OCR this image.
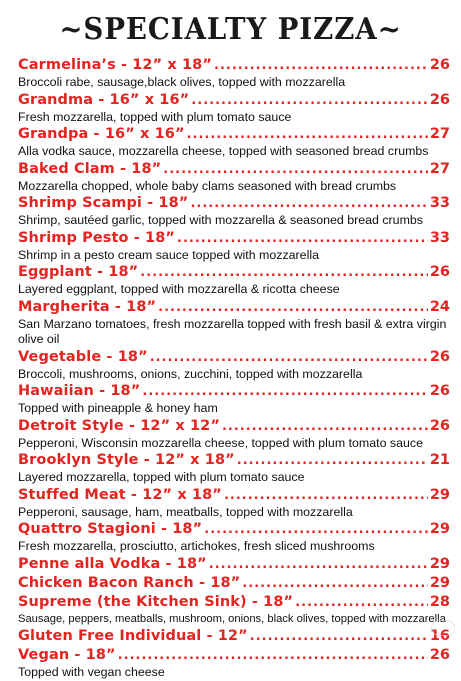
~SPECIALTY PIZZA~
Carmelina’s - 12” x 18” .....	26
Broccoli rabe, sausage,black olives, topped with mozzarella
Grandma - 16” x 16” .....	26
Fresh mozzarella, topped with plum tomato sauce
Grandpa - 16” x 16” .....	27
Alla vodka sauce, mozzarella cheese, topped with seasoned bread crumbs
Baked Clam - 18” .....	27
Mozzarella chopped, whole baby clams seasoned with bread crumbs
Shrimp Scampi - 18” .....	33
Shrimp, sautéed garlic, topped with mozzarella & seasoned bread crumbs
Shrimp Pesto - 18” .....	33
Shrimp in a pesto cream sauce topped with mozzarella
Eggplant - 18” .....	26
Layered eggplant, topped with mozzarella & ricotta cheese
Margherita - 18” .....	24
San Marzano tomatoes, fresh mozzarella topped with fresh basil & extra virgin olive oil
Vegetable - 18” .....	26
Broccoli, mushrooms, onions, zucchini, topped with mozzarella
Hawaiian - 18” .....	26
Topped with pineapple & honey ham
Detroit Style - 12” x 12” .....	26
Pepperoni, Wisconsin mozzarella cheese, topped with plum tomato sauce
Brooklyn Style - 12” x 18” .....	21
Layered mozzarella, topped with plum tomato sauce
Stuffed Meat - 12” x 18” .....	29
Pepperoni, sausage, ham, meatballs, topped with mozzarella
Quattro Stagioni - 18” .....	29
Fresh mozzarella, prosciutto, artichokes, fresh sliced mushrooms
Penne alla Vodka - 18” .....	29
Chicken Bacon Ranch - 18” .....	29
Supreme (the Kitchen Sink) - 18” .....	28
Sausage, peppers, meatballs, mushroom, onions, black olives, topped with mozzarella
Gluten Free Individual - 12” .....	16
Vegan - 18” .....	26
Topped with vegan cheese
